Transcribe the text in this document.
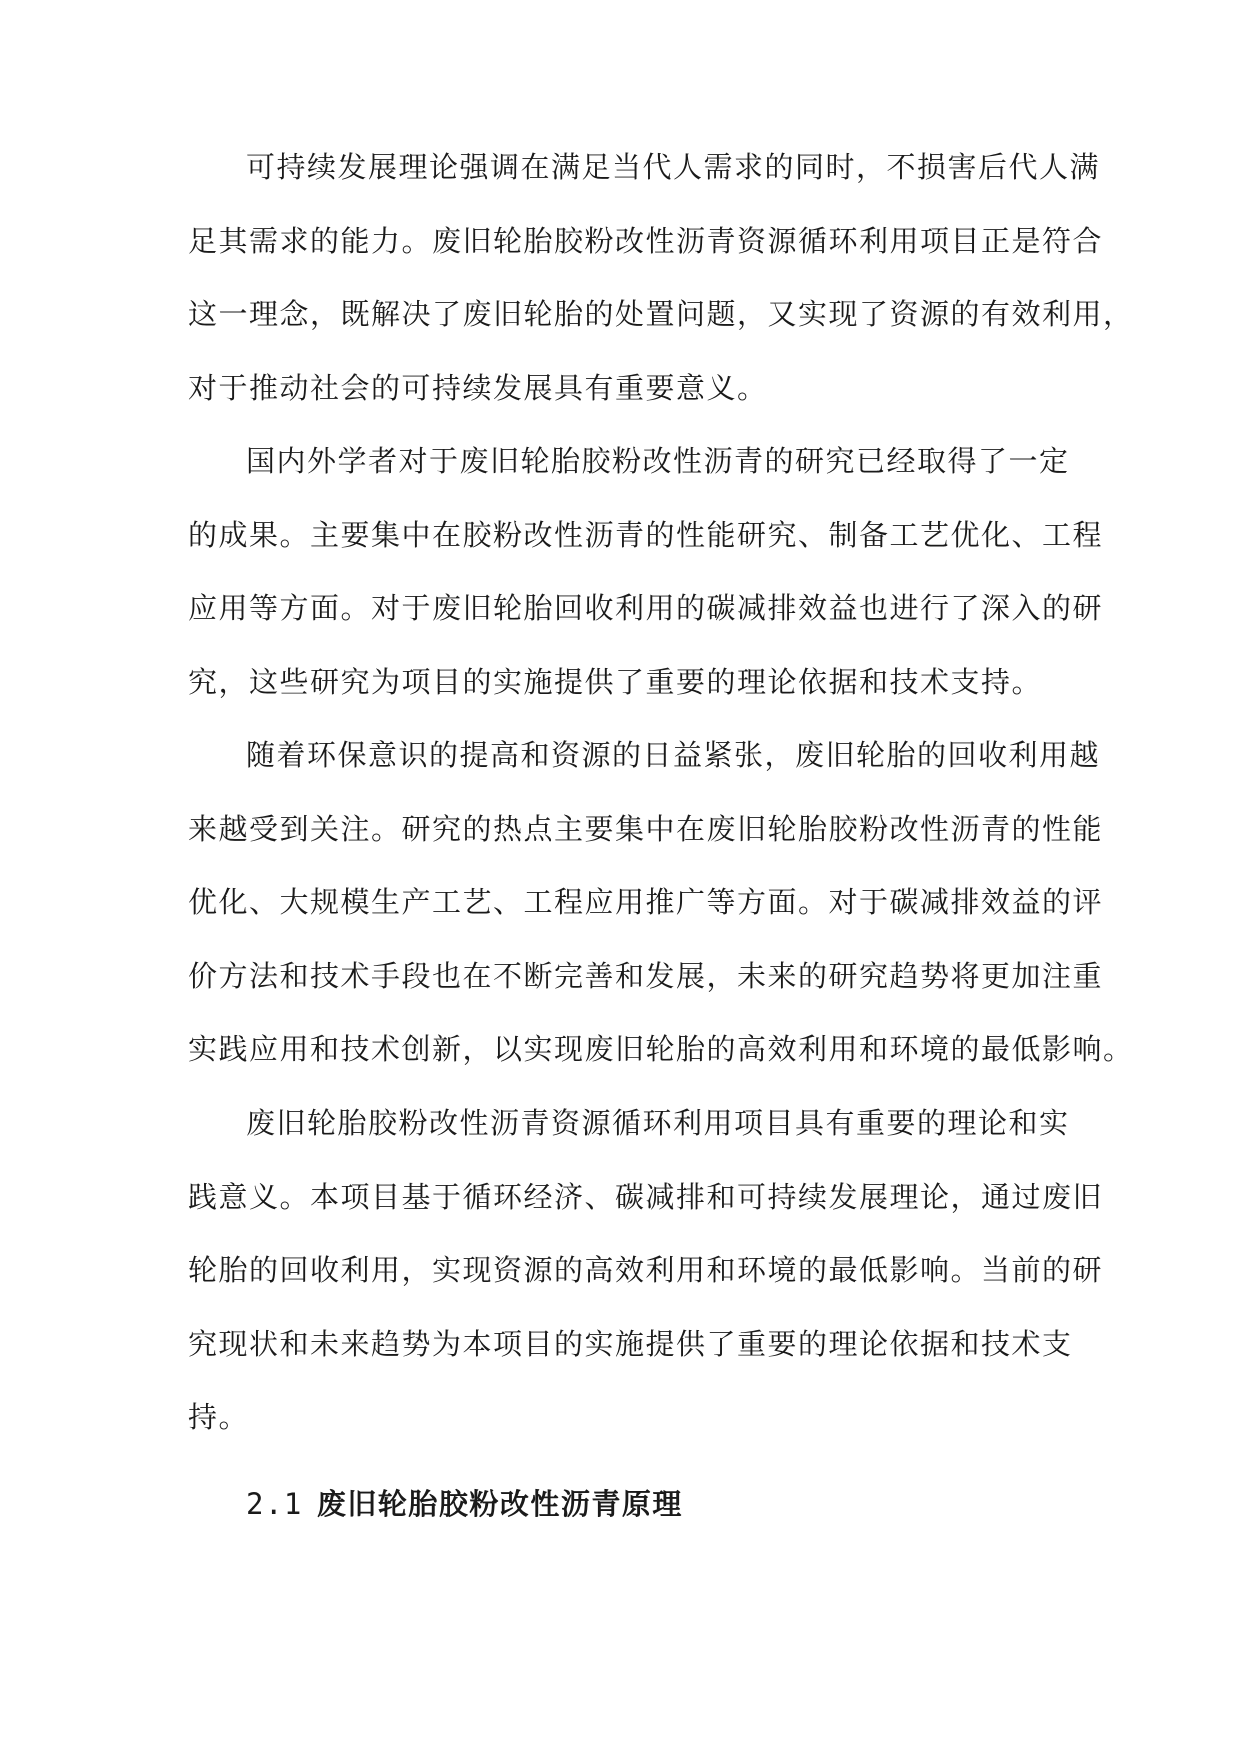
可持续发展理论强调在满足当代人需求的同时，不损害后代人满
足其需求的能力。废旧轮胎胶粉改性沥青资源循环利用项目正是符合
这一理念，既解决了废旧轮胎的处置问题，又实现了资源的有效利用，
对于推动社会的可持续发展具有重要意义。

国内外学者对于废旧轮胎胶粉改性沥青的研究已经取得了一定
的成果。主要集中在胶粉改性沥青的性能研究、制备工艺优化、工程
应用等方面。对于废旧轮胎回收利用的碳减排效益也进行了深入的研
究，这些研究为项目的实施提供了重要的理论依据和技术支持。

随着环保意识的提高和资源的日益紧张，废旧轮胎的回收利用越
来越受到关注。研究的热点主要集中在废旧轮胎胶粉改性沥青的性能
优化、大规模生产工艺、工程应用推广等方面。对于碳减排效益的评
价方法和技术手段也在不断完善和发展，未来的研究趋势将更加注重
实践应用和技术创新，以实现废旧轮胎的高效利用和环境的最低影响。

废旧轮胎胶粉改性沥青资源循环利用项目具有重要的理论和实
践意义。本项目基于循环经济、碳减排和可持续发展理论，通过废旧
轮胎的回收利用，实现资源的高效利用和环境的最低影响。当前的研
究现状和未来趋势为本项目的实施提供了重要的理论依据和技术支
持。

2.1 废旧轮胎胶粉改性沥青原理
